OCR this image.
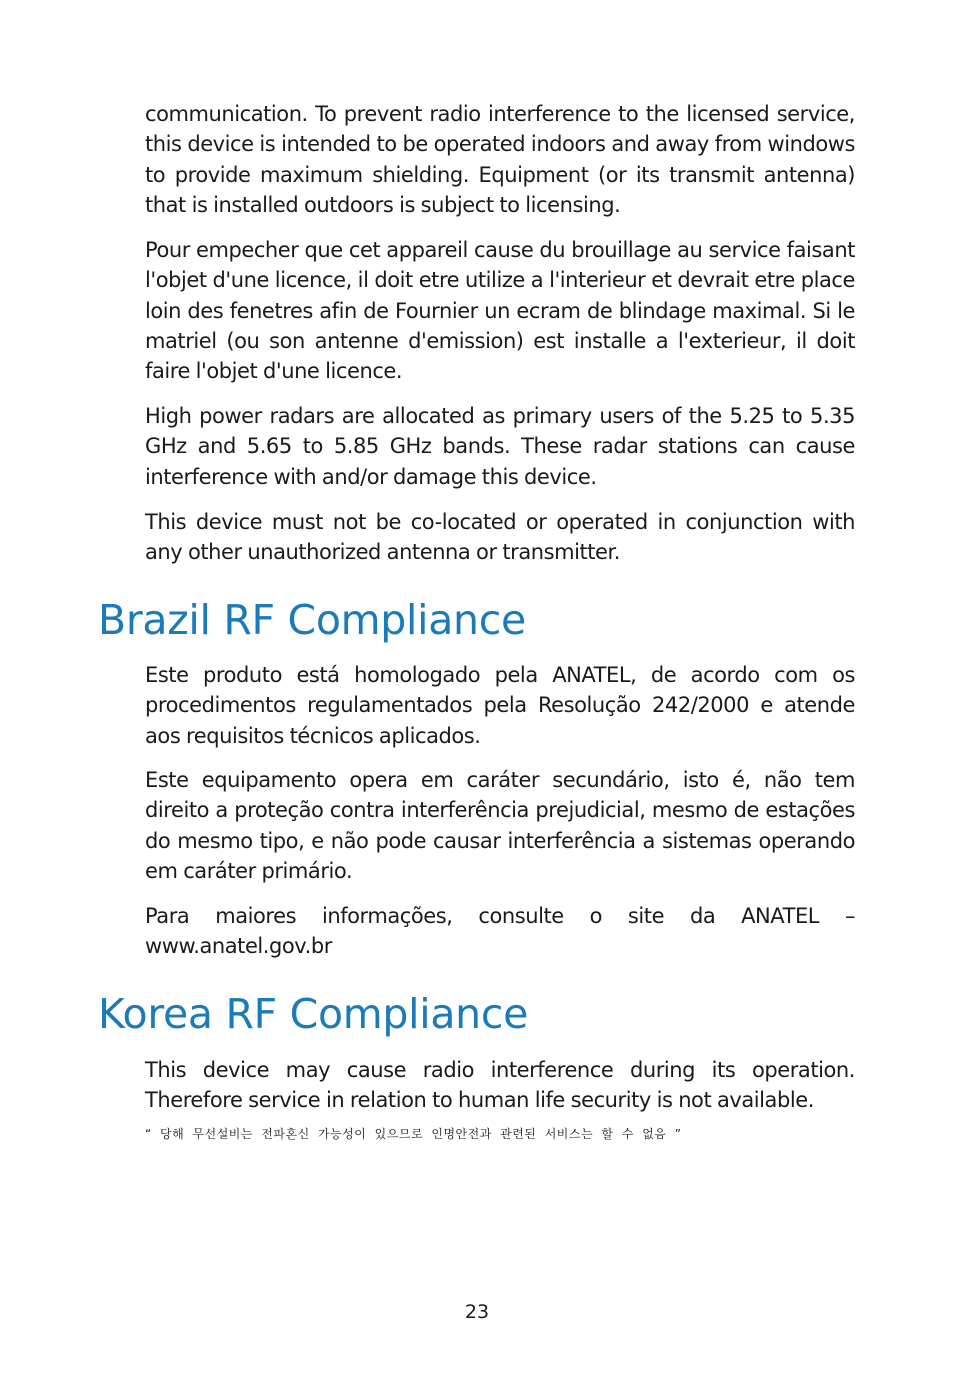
communication. To prevent radio interference to the licensed service, this device is intended to be operated indoors and away from windows to provide maximum shielding. Equipment (or its transmit antenna) that is installed outdoors is subject to licensing.

Pour empecher que cet appareil cause du brouillage au service faisant l'objet d'une licence, il doit etre utilize a l'interieur et devrait etre place loin des fenetres afin de Fournier un ecram de blindage maximal. Si le matriel (ou son antenne d'emission) est installe a l'exterieur, il doit faire l'objet d'une licence.

High power radars are allocated as primary users of the 5.25 to 5.35 GHz and 5.65 to 5.85 GHz bands. These radar stations can cause interference with and/or damage this device.

This device must not be co-located or operated in conjunction with any other unauthorized antenna or transmitter.

Brazil RF Compliance

Este produto está homologado pela ANATEL, de acordo com os procedimentos regulamentados pela Resolução 242/2000 e atende aos requisitos técnicos aplicados.

Este equipamento opera em caráter secundário, isto é, não tem direito a proteção contra interferência prejudicial, mesmo de estações do mesmo tipo, e não pode causar interferência a sistemas operando em caráter primário.

Para maiores informações, consulte o site da ANATEL – www.anatel.gov.br

Korea RF Compliance

This device may cause radio interference during its operation. Therefore service in relation to human life security is not available.

“ 당해 무선설비는 전파혼신 가능성이 있으므로 인명안전과 관련된 서비스는 할 수 없음 ”

23
